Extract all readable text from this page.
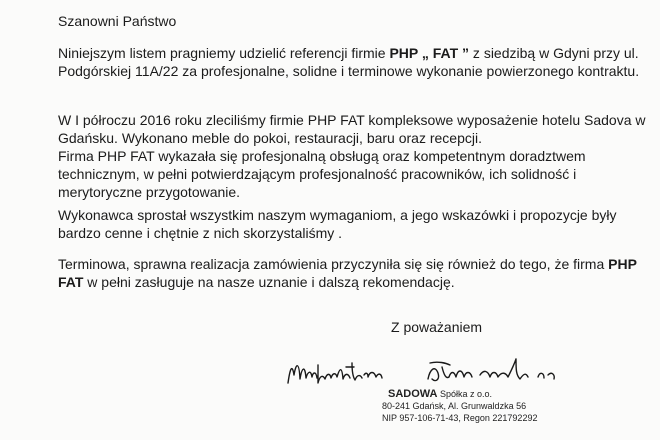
Szanowni Państwo

Niniejszym listem pragniemy udzielić referencji firmie PHP „ FAT ” z siedzibą w Gdyni przy ul. Podgórskiej 11A/22 za profesjonalne, solidne i terminowe wykonanie powierzonego kontraktu.

W I półroczu 2016 roku zleciliśmy firmie PHP FAT kompleksowe wyposażenie hotelu Sadova w Gdańsku. Wykonano meble do pokoi, restauracji, baru oraz recepcji.
Firma PHP FAT wykazała się profesjonalną obsługą oraz kompetentnym doradztwem technicznym, w pełni potwierdzającym profesjonalność pracowników, ich solidność i merytoryczne przygotowanie.

Wykonawca sprostał wszystkim naszym wymaganiom, a jego wskazówki i propozycje były bardzo cenne i chętnie z nich skorzystaliśmy .

Terminowa, sprawna realizacja zamówienia przyczyniła się się również do tego, że firma PHP FAT w pełni zasługuje na nasze uznanie i dalszą rekomendację.

Z poważaniem
SADOWA Spółka z o.o.
80-241 Gdańsk, Al. Grunwaldzka 56
NIP 957-106-71-43, Regon 221792292
